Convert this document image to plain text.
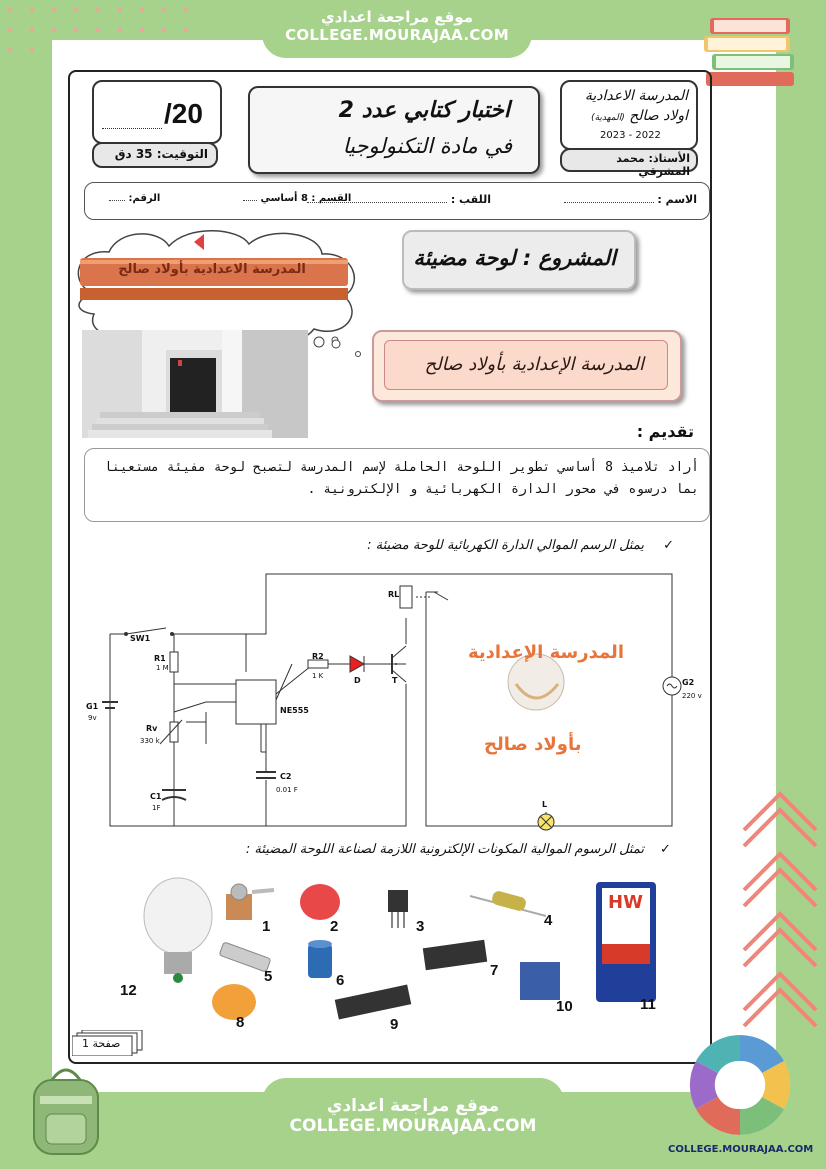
موقع مراجعة اعدادي
COLLEGE.MOURAJAA.COM
/20
التوقيت: 35 دق
اختبار كتابي عدد 2
في مادة التكنولوجيا
المدرسة الاعدادية
اولاد صالح (المهدية)
2023 - 2022
الأستاذ: محمد المشرقي
الاسم :
اللقب :
القسم : 8 أساسي
الرقم:
المدرسة الاعدادية بأولاد صالح	المشروع : لوحة مضيئة
المدرسة الإعدادية بأولاد صالح
تقديم :

أراد تلاميذ 8 أساسي تطوير اللوحة الحاملة لإسم المدرسة لتصبح لوحة مفيئة مستعينا بما درسوه في محور الدارة الكهربائية و الإلكترونية .

✓
يمثل الرسم الموالي الدارة الكهربائية للوحة مضيئة :
المدرسة الإعدادية
بأولاد صالح
SW1
R1
1 M
G1
9v
Rv
330 k
C1
1F
C2
0.01 F
NE555
R2
1 K	D	T
RL
G2
220 v
L
✓
تمثل الرسوم الموالية المكونات الإلكترونية اللازمة لصناعة اللوحة المضيئة :
HW
1	2	3	4
5	6
7
8	9
10	11
12
صفحة 1
موقع مراجعة اعدادي
COLLEGE.MOURAJAA.COM
COLLEGE.MOURAJAA.COM
